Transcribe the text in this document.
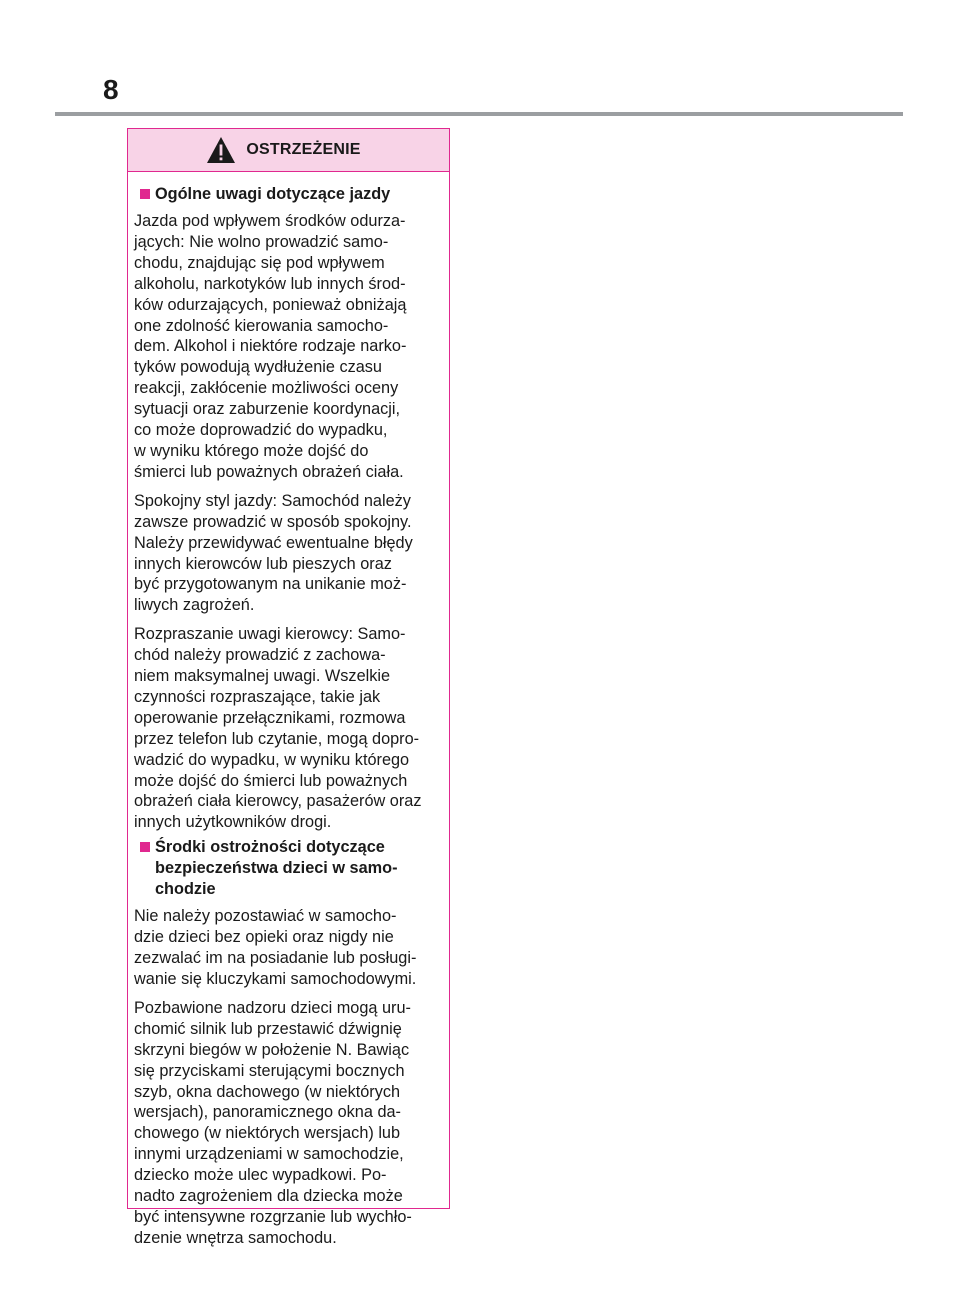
8
OSTRZEŻENIE
Ogólne uwagi dotyczące jazdy

Jazda pod wpływem środków odurza-
jących: Nie wolno prowadzić samo-
chodu, znajdując się pod wpływem
alkoholu, narkotyków lub innych środ-
ków odurzających, ponieważ obniżają
one zdolność kierowania samocho-
dem. Alkohol i niektóre rodzaje narko-
tyków powodują wydłużenie czasu
reakcji, zakłócenie możliwości oceny
sytuacji oraz zaburzenie koordynacji,
co może doprowadzić do wypadku,
w wyniku którego może dojść do
śmierci lub poważnych obrażeń ciała.

Spokojny styl jazdy: Samochód należy
zawsze prowadzić w sposób spokojny.
Należy przewidywać ewentualne błędy
innych kierowców lub pieszych oraz
być przygotowanym na unikanie moż-
liwych zagrożeń.

Rozpraszanie uwagi kierowcy: Samo-
chód należy prowadzić z zachowa-
niem maksymalnej uwagi. Wszelkie
czynności rozpraszające, takie jak
operowanie przełącznikami, rozmowa
przez telefon lub czytanie, mogą dopro-
wadzić do wypadku, w wyniku którego
może dojść do śmierci lub poważnych
obrażeń ciała kierowcy, pasażerów oraz
innych użytkowników drogi.

Środki ostrożności dotyczące
bezpieczeństwa dzieci w samo-
chodzie

Nie należy pozostawiać w samocho-
dzie dzieci bez opieki oraz nigdy nie
zezwalać im na posiadanie lub posługi-
wanie się kluczykami samochodowymi.

Pozbawione nadzoru dzieci mogą uru-
chomić silnik lub przestawić dźwignię
skrzyni biegów w położenie N. Bawiąc
się przyciskami sterującymi bocznych
szyb, okna dachowego (w niektórych
wersjach), panoramicznego okna da-
chowego (w niektórych wersjach) lub
innymi urządzeniami w samochodzie,
dziecko może ulec wypadkowi. Po-
nadto zagrożeniem dla dziecka może
być intensywne rozgrzanie lub wychło-
dzenie wnętrza samochodu.
